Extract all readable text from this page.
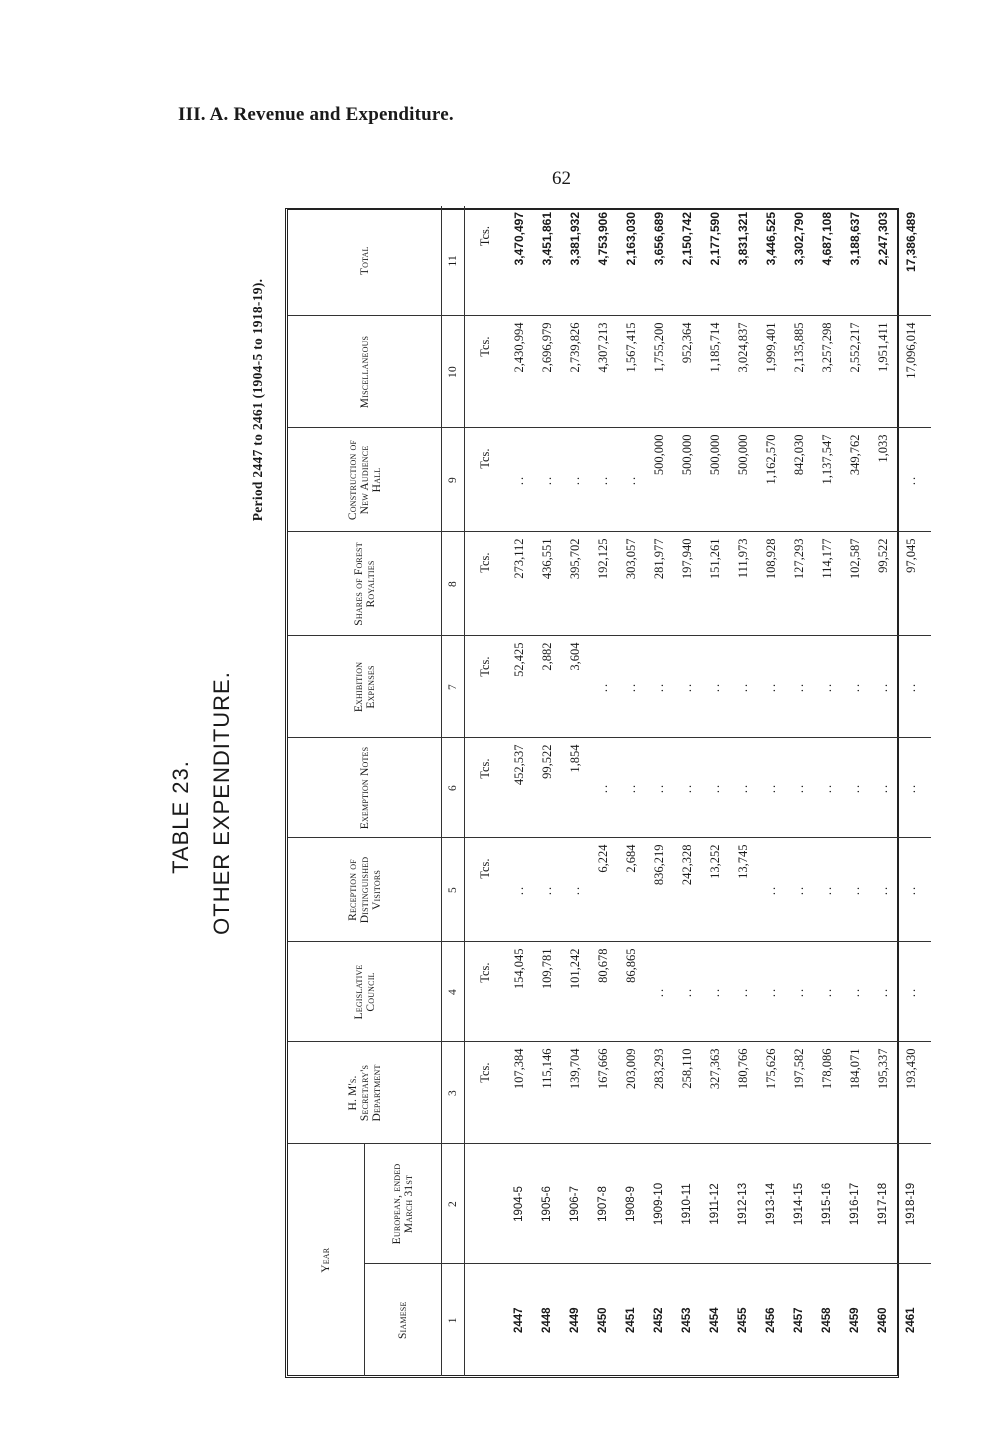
III. A. Revenue and Expenditure.
62
TABLE 23. OTHER EXPENDITURE.
Period 2447 to 2461 (1904-5 to 1918-19).
Year		H. M's. Secretary's Department	Legislative Council	Reception of Distinguished Visitors	Exemption Notes	Exhibition Expenses	Shares of Forest Royalties	Construction of New Audience Hall	Miscellaneous	Total
Siamese	European, ended March 31st									
1	2	3	4	5	6	7	8	9	10	11
		Tcs.	Tcs.	Tcs.	Tcs.	Tcs.	Tcs.	Tcs.	Tcs.	Tcs.
2447	1904-5	107,384	154,045	..	452,537	52,425	273,112	..	2,430,994	3,470,497
2448	1905-6	115,146	109,781	..	99,522	2,882	436,551	..	2,696,979	3,451,861
2449	1906-7	139,704	101,242	..	1,854	3,604	395,702	..	2,739,826	3,381,932
2450	1907-8	167,666	80,678	6,224	..	..	192,125	..	4,307,213	4,753,906
2451	1908-9	203,009	86,865	2,684	..	..	303,057	..	1,567,415	2,163,030
2452	1909-10	283,293	..	836,219	..	..	281,977	500,000	1,755,200	3,656,689
2453	1910-11	258,110	..	242,328	..	..	197,940	500,000	952,364	2,150,742
2454	1911-12	327,363	..	13,252	..	..	151,261	500,000	1,185,714	2,177,590
2455	1912-13	180,766	..	13,745	..	..	111,973	500,000	3,024,837	3,831,321
2456	1913-14	175,626	..	..	..	..	108,928	1,162,570	1,999,401	3,446,525
2457	1914-15	197,582	..	..	..	..	127,293	842,030	2,135,885	3,302,790
2458	1915-16	178,086	..	..	..	..	114,177	1,137,547	3,257,298	4,687,108
2459	1916-17	184,071	..	..	..	..	102,587	349,762	2,552,217	3,188,637
2460	1917-18	195,337	..	..	..	..	99,522	1,033	1,951,411	2,247,303
2461	1918-19	193,430	..	..	..	..	97,045	..	17,096,014	17,386,489
